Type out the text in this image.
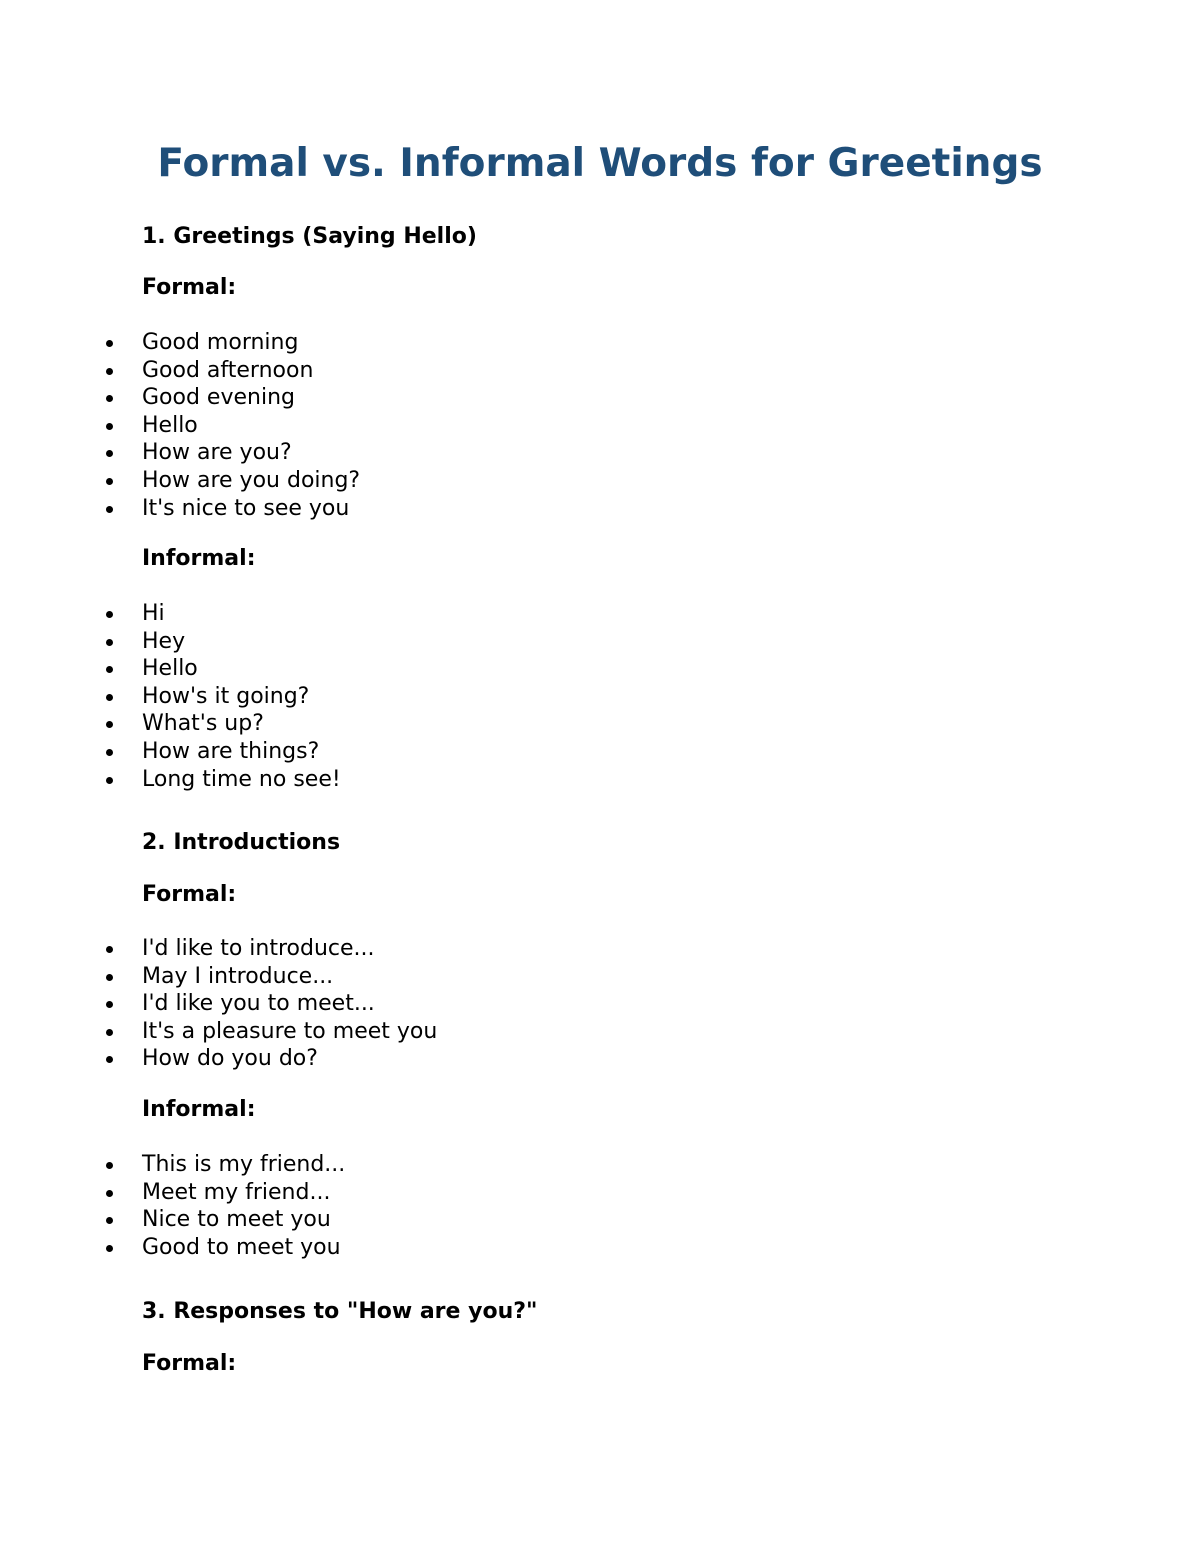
Formal vs. Informal Words for Greetings
1. Greetings (Saying Hello)
Formal:
Good morning
Good afternoon
Good evening
Hello
How are you?
How are you doing?
It's nice to see you
Informal:
Hi
Hey
Hello
How's it going?
What's up?
How are things?
Long time no see!
2. Introductions
Formal:
I'd like to introduce...
May I introduce...
I'd like you to meet...
It's a pleasure to meet you
How do you do?
Informal:
This is my friend...
Meet my friend...
Nice to meet you
Good to meet you
3. Responses to "How are you?"
Formal:
